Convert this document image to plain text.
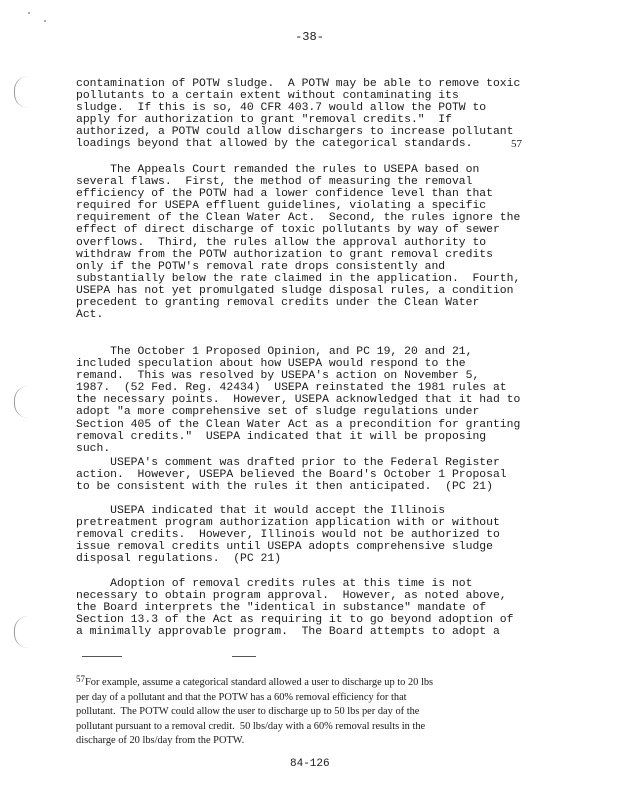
-38-
contamination of POTW sludge.  A POTW may be able to remove toxic
pollutants to a certain extent without contaminating its
sludge.  If this is so, 40 CFR 403.7 would allow the POTW to
apply for authorization to grant "removal credits."  If
authorized, a POTW could allow dischargers to increase pollutant
loadings beyond that allowed by the categorical standards.	57
The Appeals Court remanded the rules to USEPA based on
several flaws.  First, the method of measuring the removal
efficiency of the POTW had a lower confidence level than that
required for USEPA effluent guidelines, violating a specific
requirement of the Clean Water Act.  Second, the rules ignore the
effect of direct discharge of toxic pollutants by way of sewer
overflows.  Third, the rules allow the approval authority to
withdraw from the POTW authorization to grant removal credits
only if the POTW's removal rate drops consistently and
substantially below the rate claimed in the application.  Fourth,
USEPA has not yet promulgated sludge disposal rules, a condition
precedent to granting removal credits under the Clean Water
Act.
The October 1 Proposed Opinion, and PC 19, 20 and 21,
included speculation about how USEPA would respond to the
remand.  This was resolved by USEPA's action on November 5,
1987.  (52 Fed. Reg. 42434)  USEPA reinstated the 1981 rules at
the necessary points.  However, USEPA acknowledged that it had to
adopt "a more comprehensive set of sludge regulations under
Section 405 of the Clean Water Act as a precondition for granting
removal credits."  USEPA indicated that it will be proposing
such.
USEPA's comment was drafted prior to the Federal Register
action.  However, USEPA believed the Board's October 1 Proposal
to be consistent with the rules it then anticipated.  (PC 21)
USEPA indicated that it would accept the Illinois
pretreatment program authorization application with or without
removal credits.  However, Illinois would not be authorized to
issue removal credits until USEPA adopts comprehensive sludge
disposal regulations.  (PC 21)
Adoption of removal credits rules at this time is not
necessary to obtain program approval.  However, as noted above,
the Board interprets the "identical in substance" mandate of
Section 13.3 of the Act as requiring it to go beyond adoption of
a minimally approvable program.  The Board attempts to adopt a
57For example, assume a categorical standard allowed a user to discharge up to 20 lbs
per day of a pollutant and that the POTW has a 60% removal efficiency for that
pollutant.  The POTW could allow the user to discharge up to 50 lbs per day of the
pollutant pursuant to a removal credit.  50 lbs/day with a 60% removal results in the
discharge of 20 lbs/day from the POTW.
84-126
